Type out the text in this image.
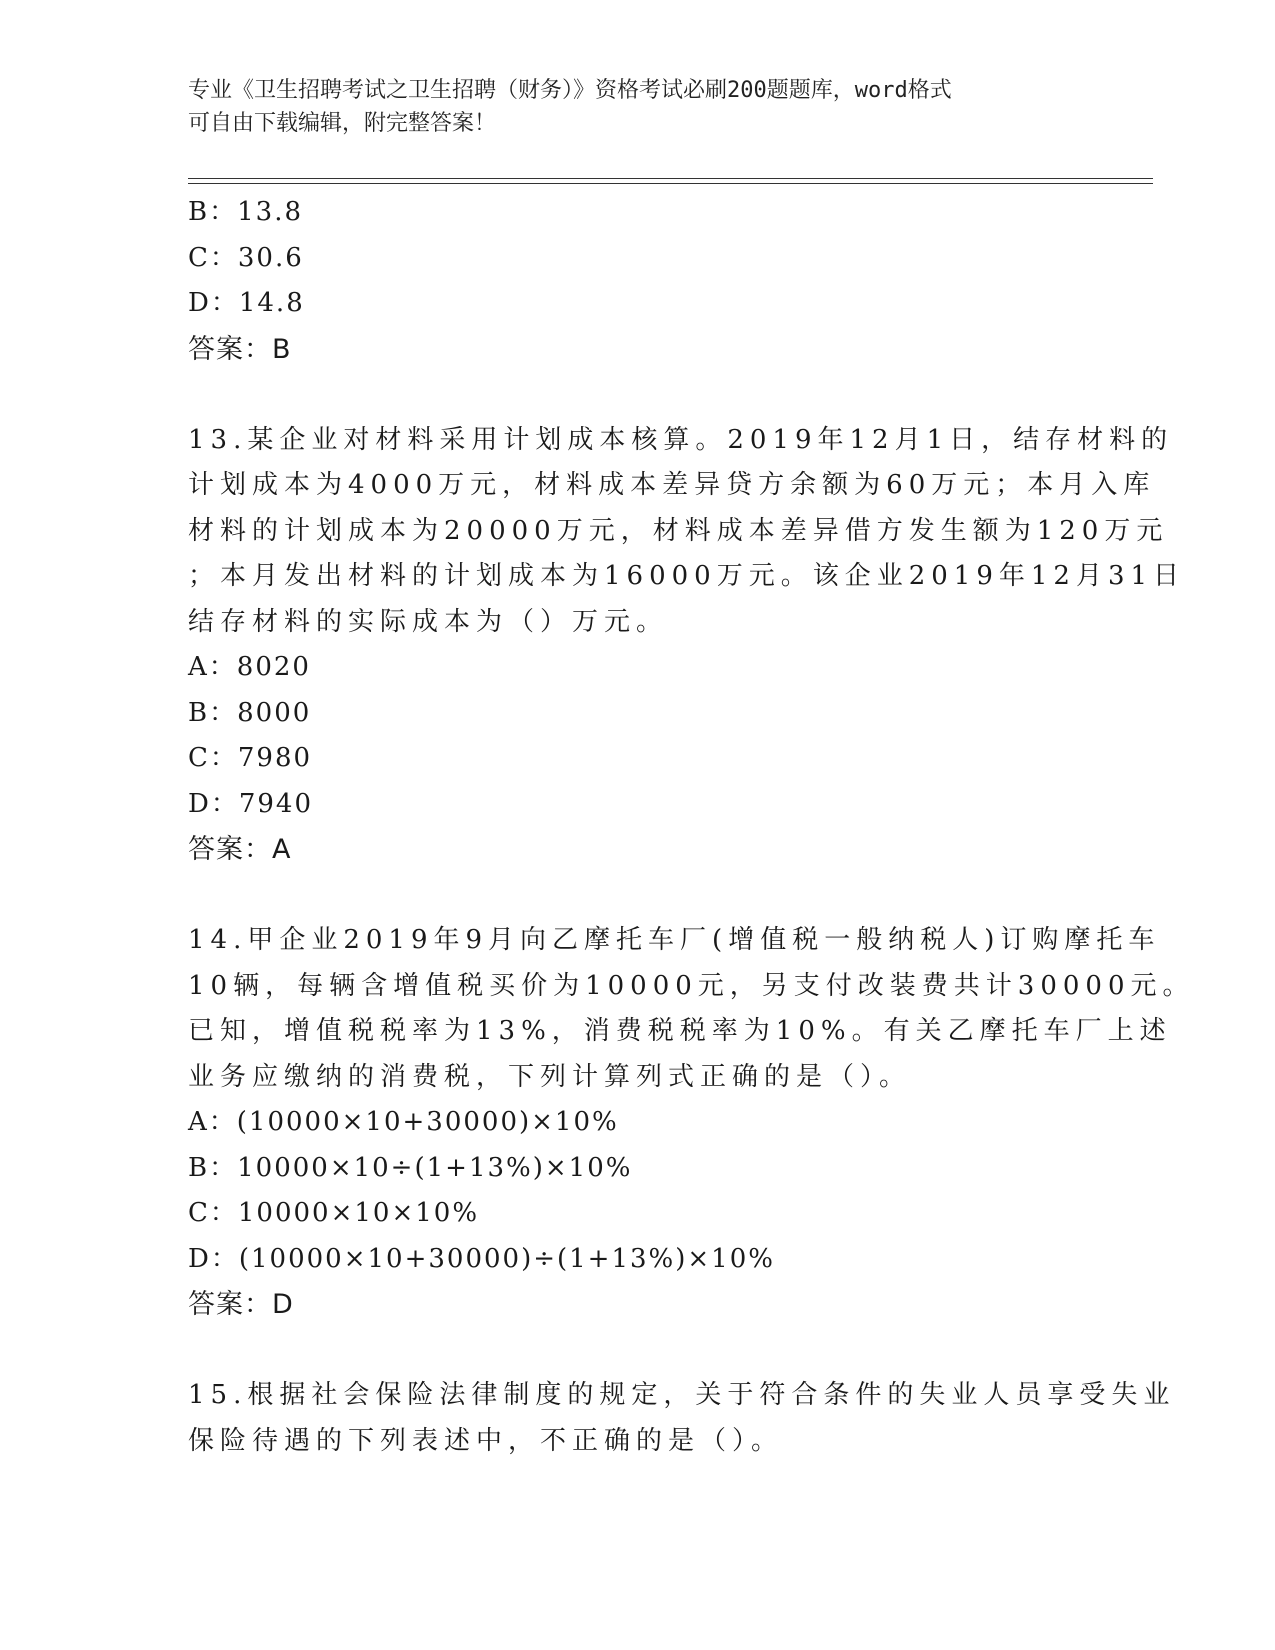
专业《卫生招聘考试之卫生招聘（财务）》资格考试必刷200题题库，word格式
可自由下载编辑，附完整答案！
B：13.8
C：30.6
D：14.8
答案：B
13.某企业对材料采用计划成本核算。2019年12月1日，结存材料的
计划成本为4000万元，材料成本差异贷方余额为60万元；本月入库
材料的计划成本为20000万元，材料成本差异借方发生额为120万元
；本月发出材料的计划成本为16000万元。该企业2019年12月31日
结存材料的实际成本为（）万元。
A：8020
B：8000
C：7980
D：7940
答案：A
14.甲企业2019年9月向乙摩托车厂(增值税一般纳税人)订购摩托车
10辆，每辆含增值税买价为10000元，另支付改装费共计30000元。
已知，增值税税率为13%，消费税税率为10%。有关乙摩托车厂上述
业务应缴纳的消费税，下列计算列式正确的是（）。
A：(10000×10+30000)×10%
B：10000×10÷(1+13%)×10%
C：10000×10×10%
D：(10000×10+30000)÷(1+13%)×10%
答案：D
15.根据社会保险法律制度的规定，关于符合条件的失业人员享受失业
保险待遇的下列表述中，不正确的是（）。
